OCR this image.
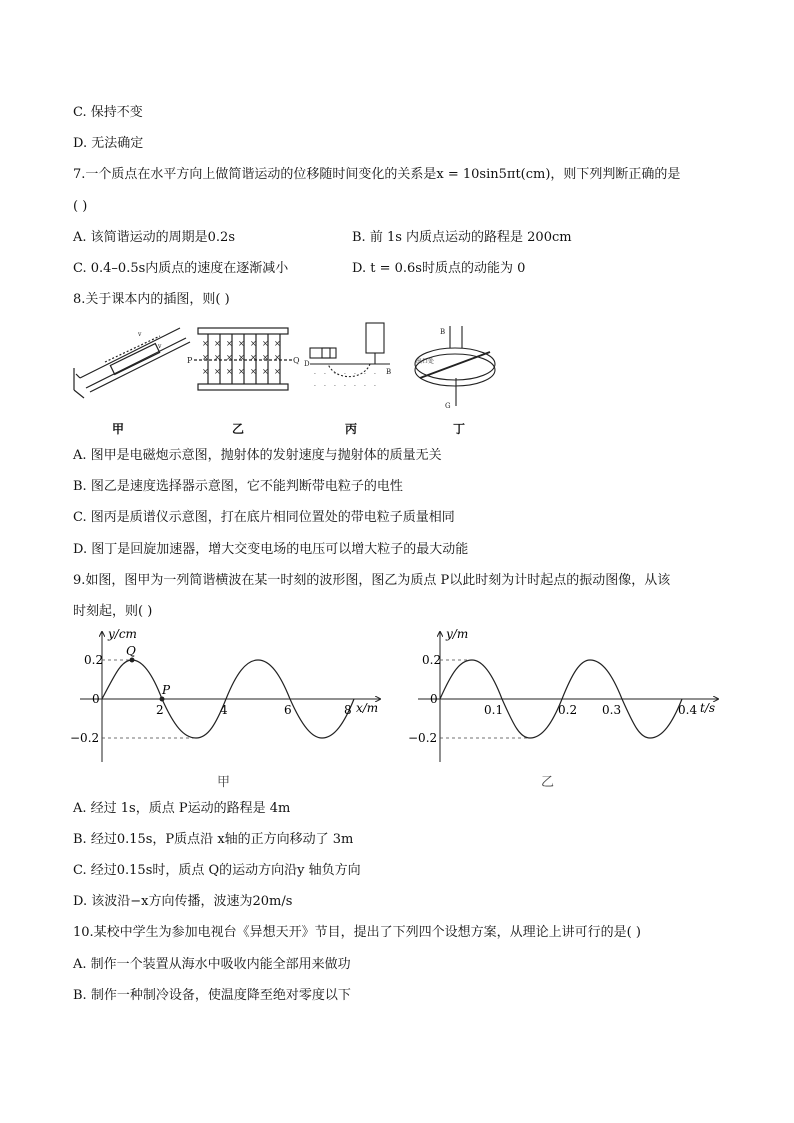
C. 保持不变
D. 无法确定
7.一个质点在水平方向上做简谐运动的位移随时间变化的关系是x = 10sin5πt(cm)，则下列判断正确的是
( )
A. 该简谐运动的周期是0.2s	B. 前 1s 内质点运动的路程是 200cm
C. 0.4–0.5s内质点的速度在逐渐减小	D. t = 0.6s时质点的动能为 0
8.关于课本内的插图，则( )
v
v	× × × × × × ×
× × × × × × ×
× × × × × × ×
P	Q
· · · · · · ·
· · · · · · ·
D
B
出口处
B
G
甲	乙	丙	丁
A. 图甲是电磁炮示意图，抛射体的发射速度与抛射体的质量无关
B. 图乙是速度选择器示意图，它不能判断带电粒子的电性
C. 图丙是质谱仪示意图，打在底片相同位置处的带电粒子质量相同
D. 图丁是回旋加速器，增大交变电场的电压可以增大粒子的最大动能
9.如图，图甲为一列简谐横波在某一时刻的波形图，图乙为质点 P以此时刻为计时起点的振动图像，从该
时刻起，则( )
y/cm
x/m
0.2
0
−0.2
2	4	6	8
Q
P
甲
y/m
t/s
0.2
0
−0.2
0.1	0.2 0.3	0.4
乙
A. 经过 1s，质点 P运动的路程是 4m
B. 经过0.15s，P质点沿 x轴的正方向移动了 3m
C. 经过0.15s时，质点 Q的运动方向沿y 轴负方向
D. 该波沿−x方向传播，波速为20m/s
10.某校中学生为参加电视台《异想天开》节目，提出了下列四个设想方案，从理论上讲可行的是( )
A. 制作一个装置从海水中吸收内能全部用来做功
B. 制作一种制冷设备，使温度降至绝对零度以下
